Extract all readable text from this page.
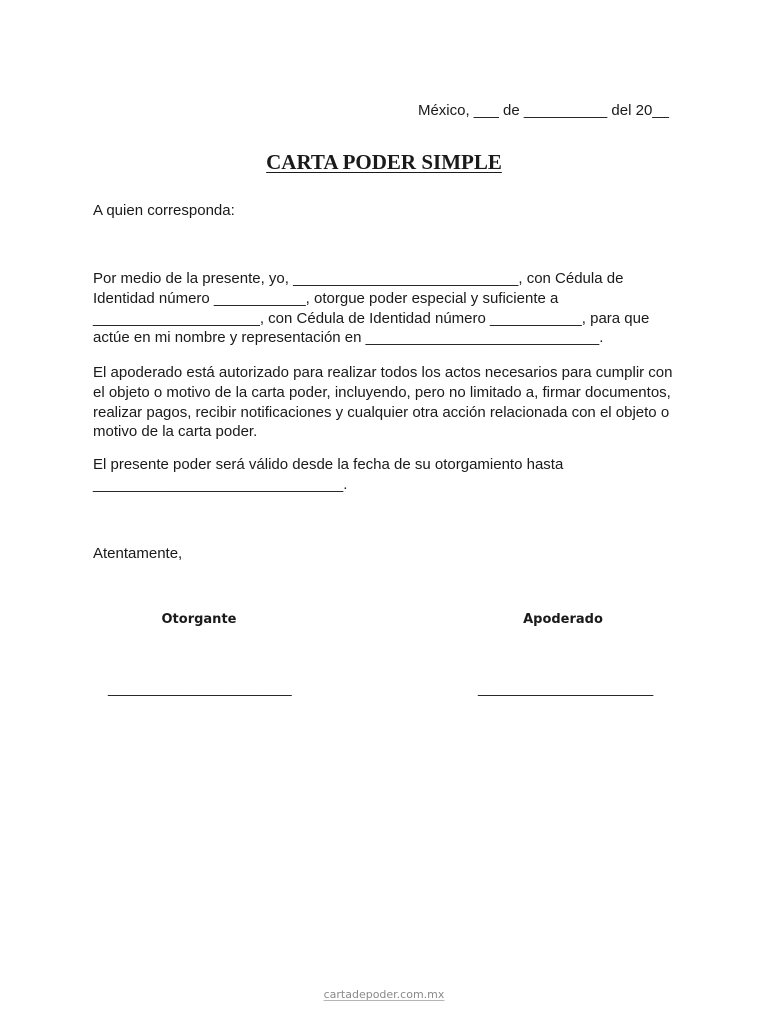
México, ___ de __________ del 20__
CARTA PODER SIMPLE

A quien corresponda:

Por medio de la presente, yo, ___________________________, con Cédula de Identidad número ___________, otorgue poder especial y suficiente a ____________________, con Cédula de Identidad número ___________, para que actúe en mi nombre y representación en ____________________________.

El apoderado está autorizado para realizar todos los actos necesarios para cumplir con el objeto o motivo de la carta poder, incluyendo, pero no limitado a, firmar documentos, realizar pagos, recibir notificaciones y cualquier otra acción relacionada con el objeto o motivo de la carta poder.

El presente poder será válido desde la fecha de su otorgamiento hasta ______________________________.

Atentamente,

Otorgante	Apoderado
______________________	_____________________
cartadepoder.com.mx
